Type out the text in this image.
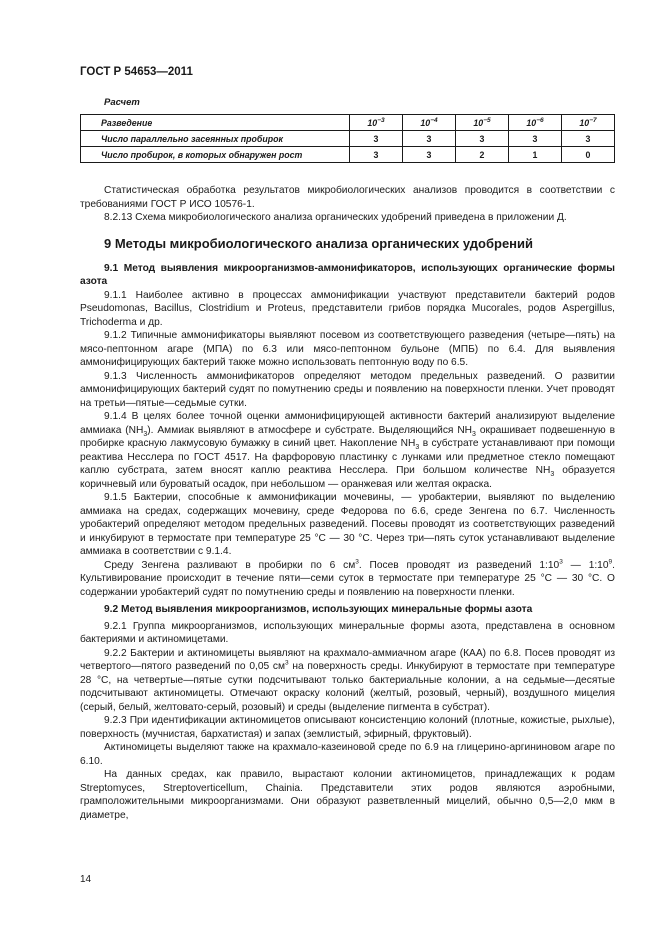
ГОСТ Р 54653—2011
Расчет
Разведение	$10^{-3}$	$10^{-4}$	$10^{-5}$	$10^{-6}$	$10^{-7}$
Число параллельно засеянных пробирок	3	3	3	3	3
Число пробирок, в которых обнаружен рост	3	3	2	1	0

Статистическая обработка результатов микробиологических анализов проводится в соответствии с требованиями ГОСТ Р ИСО 10576-1.

8.2.13 Схема микробиологического анализа органических удобрений приведена в приложении Д.

9 Методы микробиологического анализа органических удобрений

9.1 Метод выявления микроорганизмов-аммонификаторов, использующих органические формы азота

9.1.1 Наиболее активно в процессах аммонификации участвуют представители бактерий родов Pseudomonas, Bacillus, Clostridium и Proteus, представители грибов порядка Mucorales, родов Aspergillus, Trichoderma и др.

9.1.2 Типичные аммонификаторы выявляют посевом из соответствующего разведения (четыре—пять) на мясо-пептонном агаре (МПА) по 6.3 или мясо-пептонном бульоне (МПБ) по 6.4. Для выявления аммонифицирующих бактерий также можно использовать пептонную воду по 6.5.

9.1.3 Численность аммонификаторов определяют методом предельных разведений. О развитии аммонифицирующих бактерий судят по помутнению среды и появлению на поверхности пленки. Учет проводят на третьи—пятые—седьмые сутки.

9.1.4 В целях более точной оценки аммонифицирующей активности бактерий анализируют выделение аммиака $(NH_3)$. Аммиак выявляют в атмосфере и субстрате. Выделяющийся $NH_3$ окрашивает подвешенную в пробирке красную лакмусовую бумажку в синий цвет. Накопление $NH_3$ в субстрате устанавливают при помощи реактива Несслера по ГОСТ 4517. На фарфоровую пластинку с лунками или предметное стекло помещают каплю субстрата, затем вносят каплю реактива Несслера. При большом количестве $NH_3$ образуется коричневый или буроватый осадок, при небольшом — оранжевая или желтая окраска.

9.1.5 Бактерии, способные к аммонификации мочевины, — уробактерии, выявляют по выделению аммиака на средах, содержащих мочевину, среде Федорова по 6.6, среде Зенгена по 6.7. Численность уробактерий определяют методом предельных разведений. Посевы проводят из соответствующих разведений и инкубируют в термостате при температуре 25 °С — 30 °С. Через три—пять суток устанавливают выделение аммиака в соответствии с 9.1.4.

Среду Зенгена разливают в пробирки по 6 $см^3$. Посев проводят из разведений $1:10^3$ — $1:10^9$. Культивирование происходит в течение пяти—семи суток в термостате при температуре 25 °С — 30 °С. О содержании уробактерий судят по помутнению среды и появлению на поверхности пленки.

9.2 Метод выявления микроорганизмов, использующих минеральные формы азота

9.2.1 Группа микроорганизмов, использующих минеральные формы азота, представлена в основном бактериями и актиномицетами.

9.2.2 Бактерии и актиномицеты выявляют на крахмало-аммиачном агаре (КАА) по 6.8. Посев проводят из четвертого—пятого разведений по 0,05 $см^3$ на поверхность среды. Инкубируют в термостате при температуре 28 °С, на четвертые—пятые сутки подсчитывают только бактериальные колонии, а на седьмые—десятые подсчитывают актиномицеты. Отмечают окраску колоний (желтый, розовый, черный), воздушного мицелия (серый, белый, желтовато-серый, розовый) и среды (выделение пигмента в субстрат).

9.2.3 При идентификации актиномицетов описывают консистенцию колоний (плотные, кожистые, рыхлые), поверхность (мучнистая, бархатистая) и запах (землистый, эфирный, фруктовый).

Актиномицеты выделяют также на крахмало-казеиновой среде по 6.9 на глицерино-аргининовом агаре по 6.10.

На данных средах, как правило, вырастают колонии актиномицетов, принадлежащих к родам Streptomyces, Streptoverticellum, Chainia. Представители этих родов являются аэробными, грамположительными микроорганизмами. Они образуют разветвленный мицелий, обычно 0,5—2,0 мкм в диаметре,

14
